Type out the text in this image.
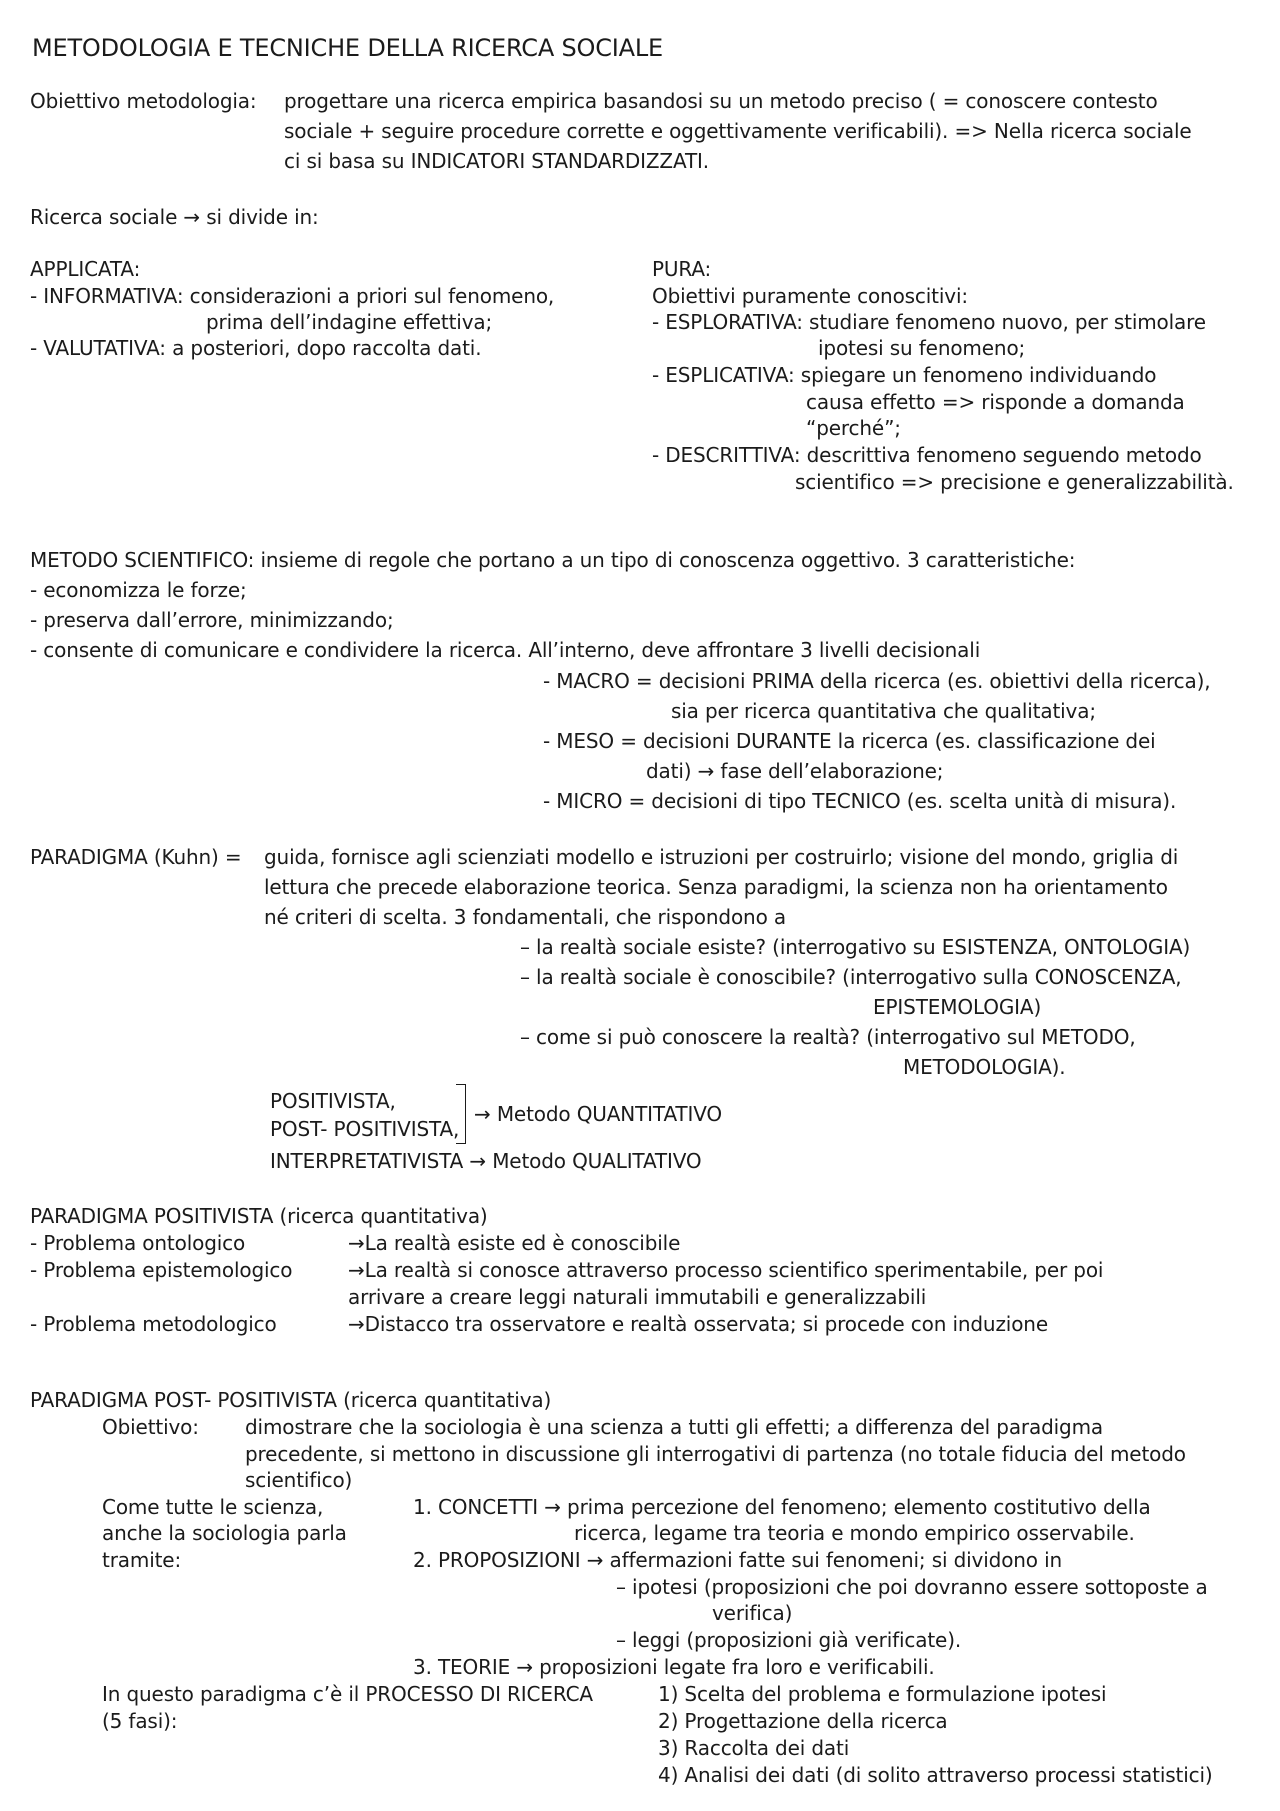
METODOLOGIA E TECNICHE DELLA RICERCA SOCIALE
Obiettivo metodologia: progettare una ricerca empirica basandosi su un metodo preciso ( = conoscere contesto
sociale + seguire procedure corrette e oggettivamente verificabili). => Nella ricerca sociale
ci si basa su INDICATORI STANDARDIZZATI.
Ricerca sociale → si divide in:
APPLICATA:
- INFORMATIVA: considerazioni a priori sul fenomeno,
prima dell’indagine effettiva;
- VALUTATIVA: a posteriori, dopo raccolta dati.
PURA:
Obiettivi puramente conoscitivi:
- ESPLORATIVA: studiare fenomeno nuovo, per stimolare
ipotesi su fenomeno;
- ESPLICATIVA: spiegare un fenomeno individuando
causa effetto => risponde a domanda
“perché”;
- DESCRITTIVA: descrittiva fenomeno seguendo metodo
scientifico => precisione e generalizzabilità.
METODO SCIENTIFICO: insieme di regole che portano a un tipo di conoscenza oggettivo. 3 caratteristiche:
- economizza le forze;
- preserva dall’errore, minimizzando;
- consente di comunicare e condividere la ricerca. All’interno, deve affrontare 3 livelli decisionali
- MACRO = decisioni PRIMA della ricerca (es. obiettivi della ricerca),
sia per ricerca quantitativa che qualitativa;
- MESO = decisioni DURANTE la ricerca (es. classificazione dei
dati) → fase dell’elaborazione;
- MICRO = decisioni di tipo TECNICO (es. scelta unità di misura).
PARADIGMA (Kuhn) = guida, fornisce agli scienziati modello e istruzioni per costruirlo; visione del mondo, griglia di
lettura che precede elaborazione teorica. Senza paradigmi, la scienza non ha orientamento
né criteri di scelta. 3 fondamentali, che rispondono a
– la realtà sociale esiste? (interrogativo su ESISTENZA, ONTOLOGIA)
– la realtà sociale è conoscibile? (interrogativo sulla CONOSCENZA,
EPISTEMOLOGIA)
– come si può conoscere la realtà? (interrogativo sul METODO,
METODOLOGIA).
POSITIVISTA,
POST- POSITIVISTA,
→ Metodo QUANTITATIVO
INTERPRETATIVISTA → Metodo QUALITATIVO
PARADIGMA POSITIVISTA (ricerca quantitativa)
- Problema ontologico	→La realtà esiste ed è conoscibile
- Problema epistemologico	→La realtà si conosce attraverso processo scientifico sperimentabile, per poi
arrivare a creare leggi naturali immutabili e generalizzabili
- Problema metodologico	→Distacco tra osservatore e realtà osservata; si procede con induzione
PARADIGMA POST- POSITIVISTA (ricerca quantitativa)
Obiettivo: dimostrare che la sociologia è una scienza a tutti gli effetti; a differenza del paradigma
precedente, si mettono in discussione gli interrogativi di partenza (no totale fiducia del metodo
scientifico)
Come tutte le scienza,
anche la sociologia parla
tramite:
1. CONCETTI → prima percezione del fenomeno; elemento costitutivo della
ricerca, legame tra teoria e mondo empirico osservabile.
2. PROPOSIZIONI → affermazioni fatte sui fenomeni; si dividono in
– ipotesi (proposizioni che poi dovranno essere sottoposte a
verifica)
– leggi (proposizioni già verificate).
3. TEORIE → proposizioni legate fra loro e verificabili.
In questo paradigma c’è il PROCESSO DI RICERCA
(5 fasi):
1) Scelta del problema e formulazione ipotesi
2) Progettazione della ricerca
3) Raccolta dei dati
4) Analisi dei dati (di solito attraverso processi statistici)
